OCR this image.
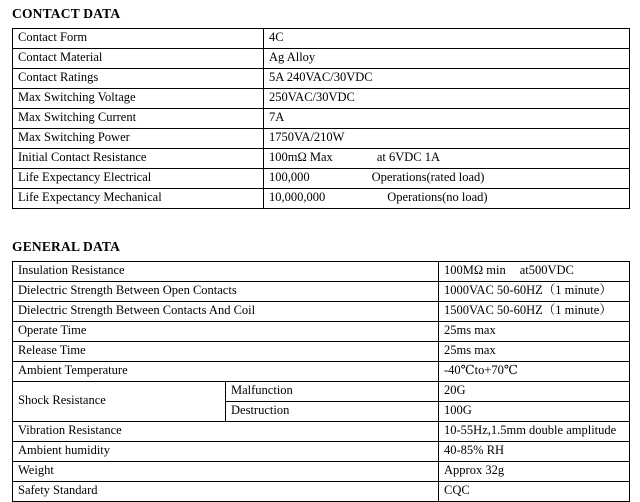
CONTACT DATA
Contact Form	4C
Contact Material	Ag Alloy
Contact Ratings	5A 240VAC/30VDC
Max Switching Voltage	250VAC/30VDC
Max Switching Current	7A
Max Switching Power	1750VA/210W
Initial Contact Resistance	100mΩ Max at 6VDC 1A
Life Expectancy Electrical	100,000 Operations(rated load)
Life Expectancy Mechanical	10,000,000 Operations(no load)
GENERAL DATA
Insulation Resistance		100MΩ min at500VDC
Dielectric Strength Between Open Contacts		1000VAC 50-60HZ（1 minute）
Dielectric Strength Between Contacts And Coil		1500VAC 50-60HZ（1 minute）
Operate Time		25ms max
Release Time		25ms max
Ambient Temperature		-40℃to+70℃
Shock Resistance	Malfunction	20G
	Destruction	100G
Vibration Resistance		10-55Hz,1.5mm double amplitude
Ambient humidity		40-85% RH
Weight		Approx 32g
Safety Standard		CQC
